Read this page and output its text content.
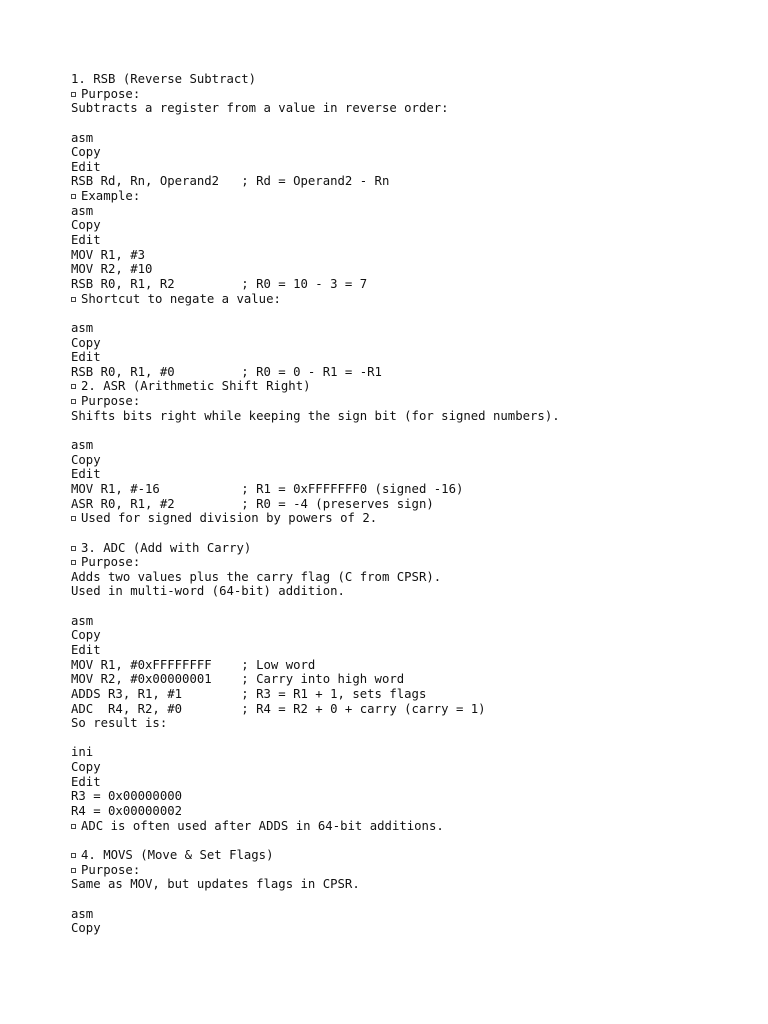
1. RSB (Reverse Subtract)
Purpose:
Subtracts a register from a value in reverse order:
asm
Copy
Edit
RSB Rd, Rn, Operand2   ; Rd = Operand2 - Rn
Example:
asm
Copy
Edit
MOV R1, #3
MOV R2, #10
RSB R0, R1, R2         ; R0 = 10 - 3 = 7
Shortcut to negate a value:
asm
Copy
Edit
RSB R0, R1, #0         ; R0 = 0 - R1 = -R1
2. ASR (Arithmetic Shift Right)
Purpose:
Shifts bits right while keeping the sign bit (for signed numbers).
asm
Copy
Edit
MOV R1, #-16           ; R1 = 0xFFFFFFF0 (signed -16)
ASR R0, R1, #2         ; R0 = -4 (preserves sign)
Used for signed division by powers of 2.
3. ADC (Add with Carry)
Purpose:
Adds two values plus the carry flag (C from CPSR).
Used in multi-word (64-bit) addition.
asm
Copy
Edit
MOV R1, #0xFFFFFFFF    ; Low word
MOV R2, #0x00000001    ; Carry into high word
ADDS R3, R1, #1        ; R3 = R1 + 1, sets flags
ADC  R4, R2, #0        ; R4 = R2 + 0 + carry (carry = 1)
So result is:
ini
Copy
Edit
R3 = 0x00000000
R4 = 0x00000002
ADC is often used after ADDS in 64-bit additions.
4. MOVS (Move & Set Flags)
Purpose:
Same as MOV, but updates flags in CPSR.
asm
Copy
